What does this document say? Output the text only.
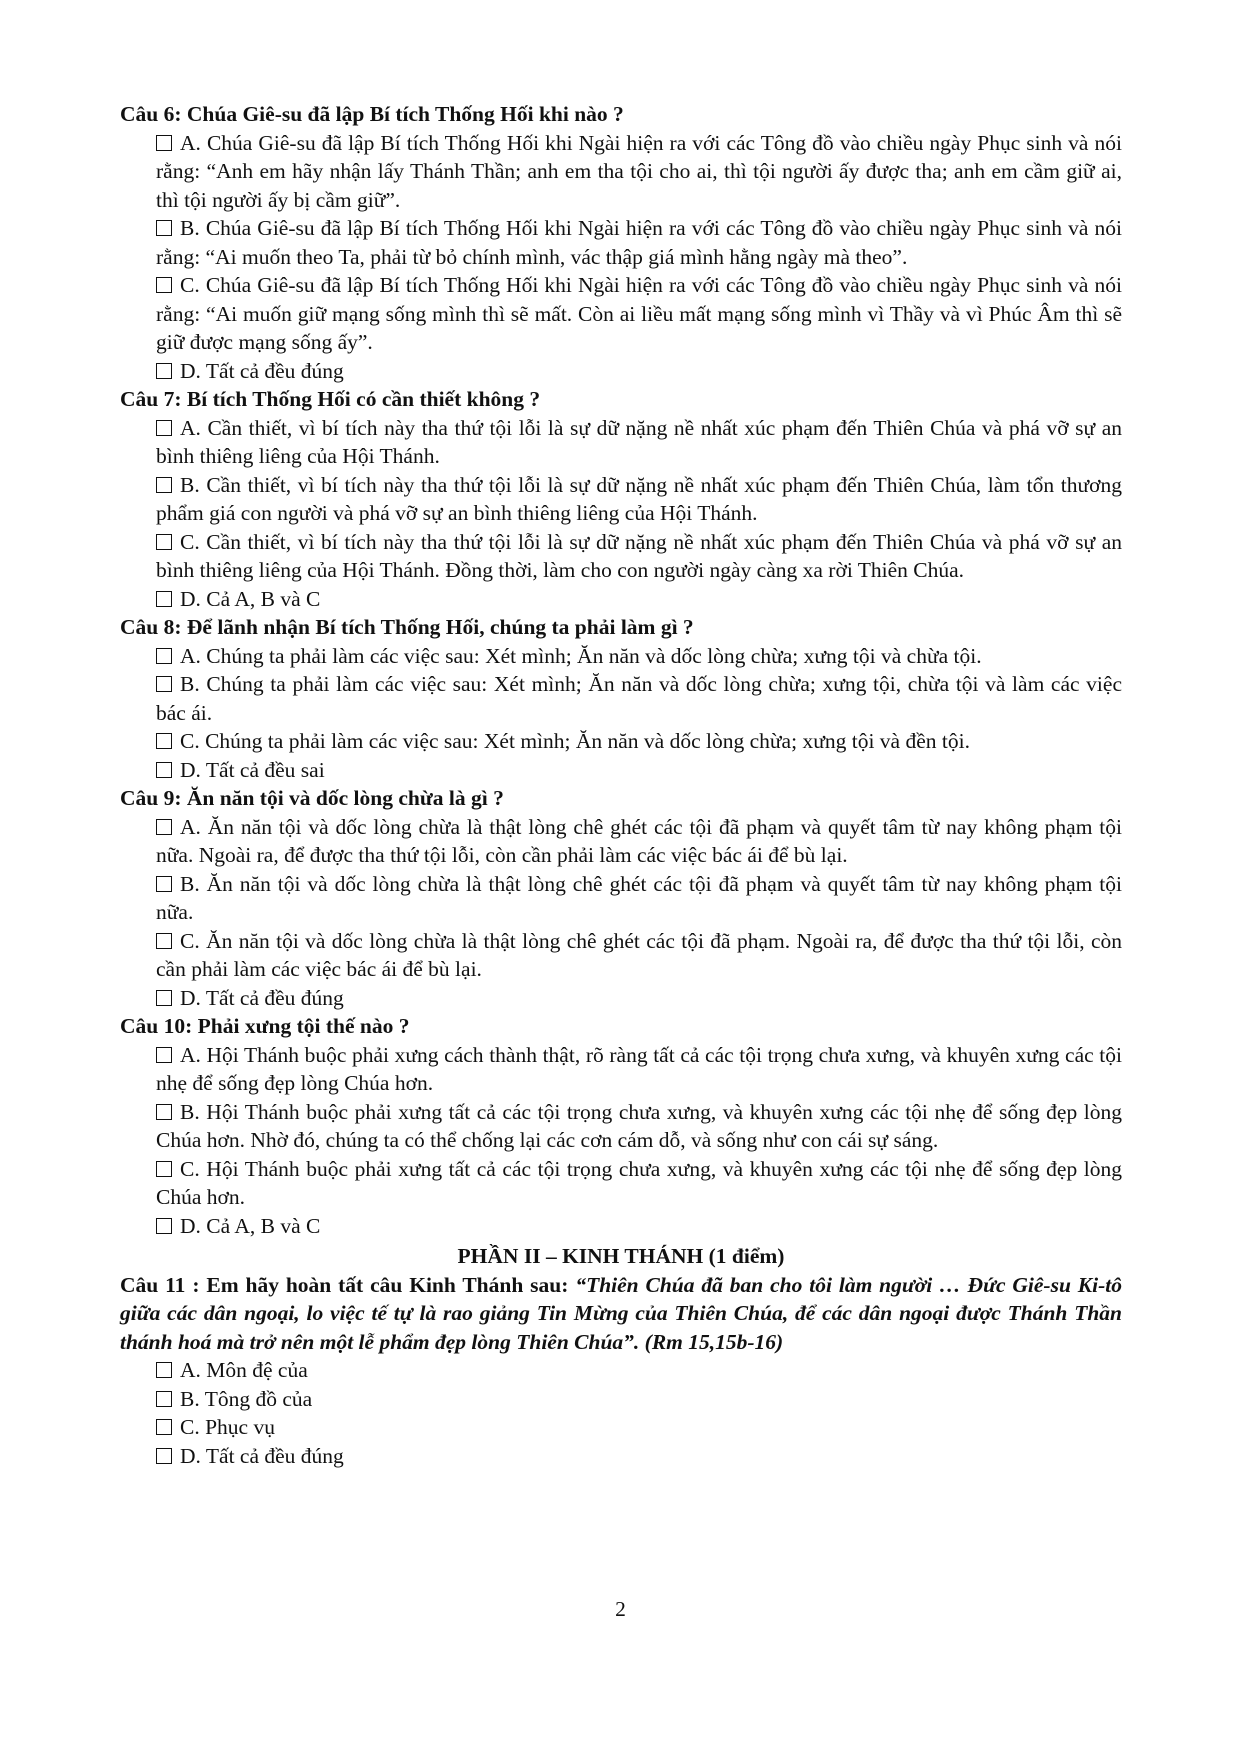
Câu 6: Chúa Giê-su đã lập Bí tích Thống Hối khi nào ?

A. Chúa Giê-su đã lập Bí tích Thống Hối khi Ngài hiện ra với các Tông đồ vào chiều ngày Phục sinh và nói rằng: “Anh em hãy nhận lấy Thánh Thần; anh em tha tội cho ai, thì tội người ấy được tha; anh em cầm giữ ai, thì tội người ấy bị cầm giữ”.

B. Chúa Giê-su đã lập Bí tích Thống Hối khi Ngài hiện ra với các Tông đồ vào chiều ngày Phục sinh và nói rằng: “Ai muốn theo Ta, phải từ bỏ chính mình, vác thập giá mình hằng ngày mà theo”.

C. Chúa Giê-su đã lập Bí tích Thống Hối khi Ngài hiện ra với các Tông đồ vào chiều ngày Phục sinh và nói rằng: “Ai muốn giữ mạng sống mình thì sẽ mất. Còn ai liều mất mạng sống mình vì Thầy và vì Phúc Âm thì sẽ giữ được mạng sống ấy”.

D. Tất cả đều đúng

Câu 7: Bí tích Thống Hối có cần thiết không ?

A. Cần thiết, vì bí tích này tha thứ tội lỗi là sự dữ nặng nề nhất xúc phạm đến Thiên Chúa và phá vỡ sự an bình thiêng liêng của Hội Thánh.

B. Cần thiết, vì bí tích này tha thứ tội lỗi là sự dữ nặng nề nhất xúc phạm đến Thiên Chúa, làm tổn thương phẩm giá con người và phá vỡ sự an bình thiêng liêng của Hội Thánh.

C. Cần thiết, vì bí tích này tha thứ tội lỗi là sự dữ nặng nề nhất xúc phạm đến Thiên Chúa và phá vỡ sự an bình thiêng liêng của Hội Thánh. Đồng thời, làm cho con người ngày càng xa rời Thiên Chúa.

D. Cả A, B và C

Câu 8: Để lãnh nhận Bí tích Thống Hối, chúng ta phải làm gì ?

A. Chúng ta phải làm các việc sau: Xét mình; Ăn năn và dốc lòng chừa; xưng tội và chừa tội.

B. Chúng ta phải làm các việc sau: Xét mình; Ăn năn và dốc lòng chừa; xưng tội, chừa tội và làm các việc bác ái.

C. Chúng ta phải làm các việc sau: Xét mình; Ăn năn và dốc lòng chừa; xưng tội và đền tội.

D. Tất cả đều sai

Câu 9: Ăn năn tội và dốc lòng chừa là gì ?

A. Ăn năn tội và dốc lòng chừa là thật lòng chê ghét các tội đã phạm và quyết tâm từ nay không phạm tội nữa. Ngoài ra, để được tha thứ tội lỗi, còn cần phải làm các việc bác ái để bù lại.

B. Ăn năn tội và dốc lòng chừa là thật lòng chê ghét các tội đã phạm và quyết tâm từ nay không phạm tội nữa.

C. Ăn năn tội và dốc lòng chừa là thật lòng chê ghét các tội đã phạm. Ngoài ra, để được tha thứ tội lỗi, còn cần phải làm các việc bác ái để bù lại.

D. Tất cả đều đúng

Câu 10: Phải xưng tội thế nào ?

A. Hội Thánh buộc phải xưng cách thành thật, rõ ràng tất cả các tội trọng chưa xưng, và khuyên xưng các tội nhẹ để sống đẹp lòng Chúa hơn.

B. Hội Thánh buộc phải xưng tất cả các tội trọng chưa xưng, và khuyên xưng các tội nhẹ để sống đẹp lòng Chúa hơn. Nhờ đó, chúng ta có thể chống lại các cơn cám dỗ, và sống như con cái sự sáng.

C. Hội Thánh buộc phải xưng tất cả các tội trọng chưa xưng, và khuyên xưng các tội nhẹ để sống đẹp lòng Chúa hơn.

D. Cả A, B và C

PHẦN II – KINH THÁNH (1 điểm)

Câu 11 : Em hãy hoàn tất câu Kinh Thánh sau: “Thiên Chúa đã ban cho tôi làm người … Đức Giê-su Ki-tô giữa các dân ngoại, lo việc tế tự là rao giảng Tin Mừng của Thiên Chúa, để các dân ngoại được Thánh Thần thánh hoá mà trở nên một lễ phẩm đẹp lòng Thiên Chúa”. (Rm 15,15b-16)

A. Môn đệ của

B. Tông đồ của

C. Phục vụ

D. Tất cả đều đúng

2
